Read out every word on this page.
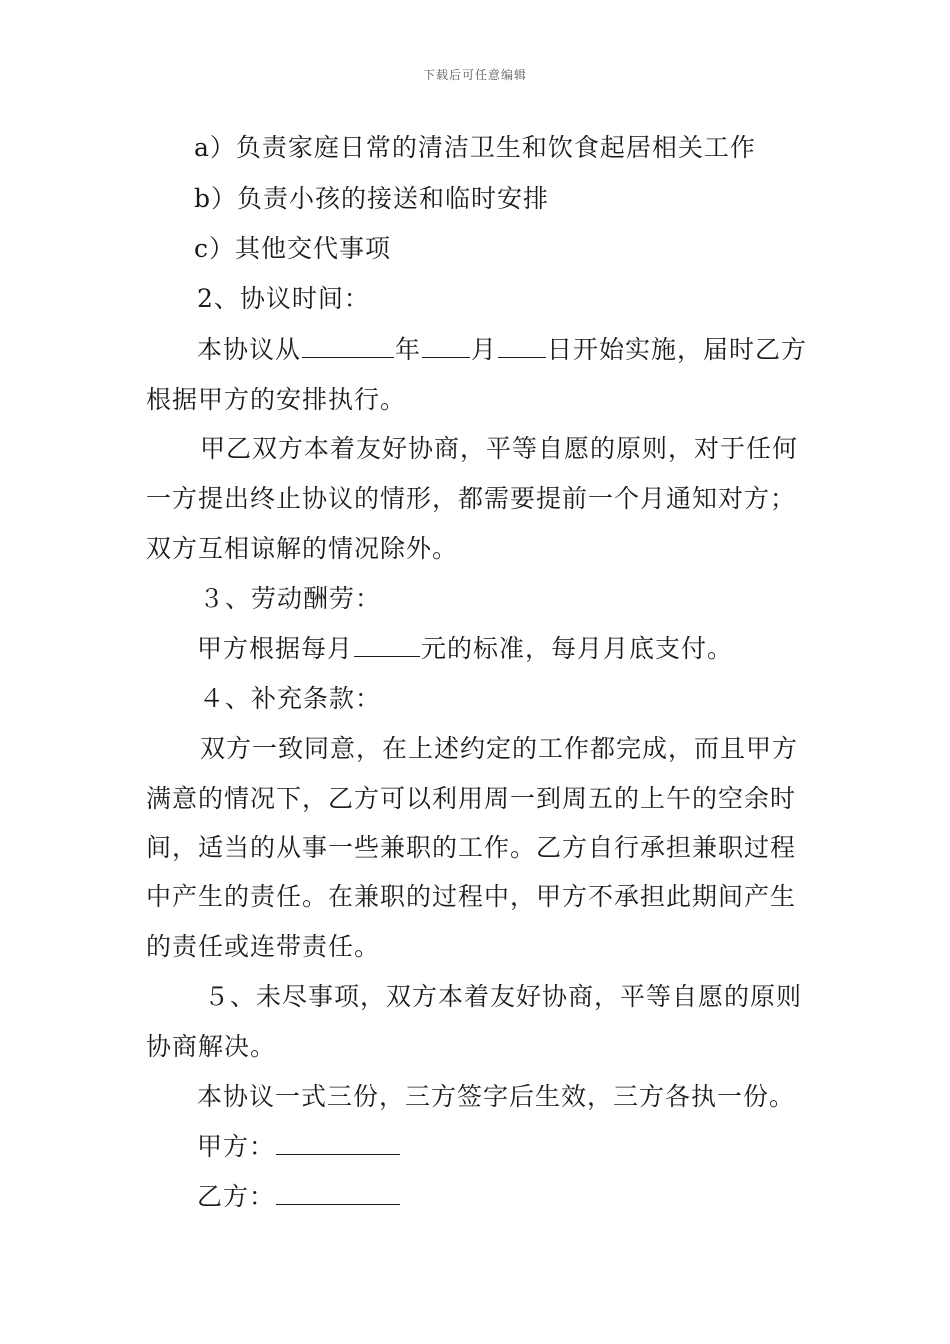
下载后可任意编辑
a）负责家庭日常的清洁卫生和饮食起居相关工作
b）负责小孩的接送和临时安排
c）其他交代事项
2、协议时间：
本协议从	年 月 日开始实施，届时乙方
根据甲方的安排执行。
甲乙双方本着友好协商，平等自愿的原则，对于任何
一方提出终止协议的情形，都需要提前一个月通知对方；
双方互相谅解的情况除外。
３、劳动酬劳：
甲方根据每月	元的标准，每月月底支付。
４、补充条款：
双方一致同意，在上述约定的工作都完成，而且甲方
满意的情况下，乙方可以利用周一到周五的上午的空余时
间，适当的从事一些兼职的工作。乙方自行承担兼职过程
中产生的责任。在兼职的过程中，甲方不承担此期间产生
的责任或连带责任。
５、未尽事项，双方本着友好协商，平等自愿的原则
协商解决。
本协议一式三份，三方签字后生效，三方各执一份。
甲方：
乙方：
